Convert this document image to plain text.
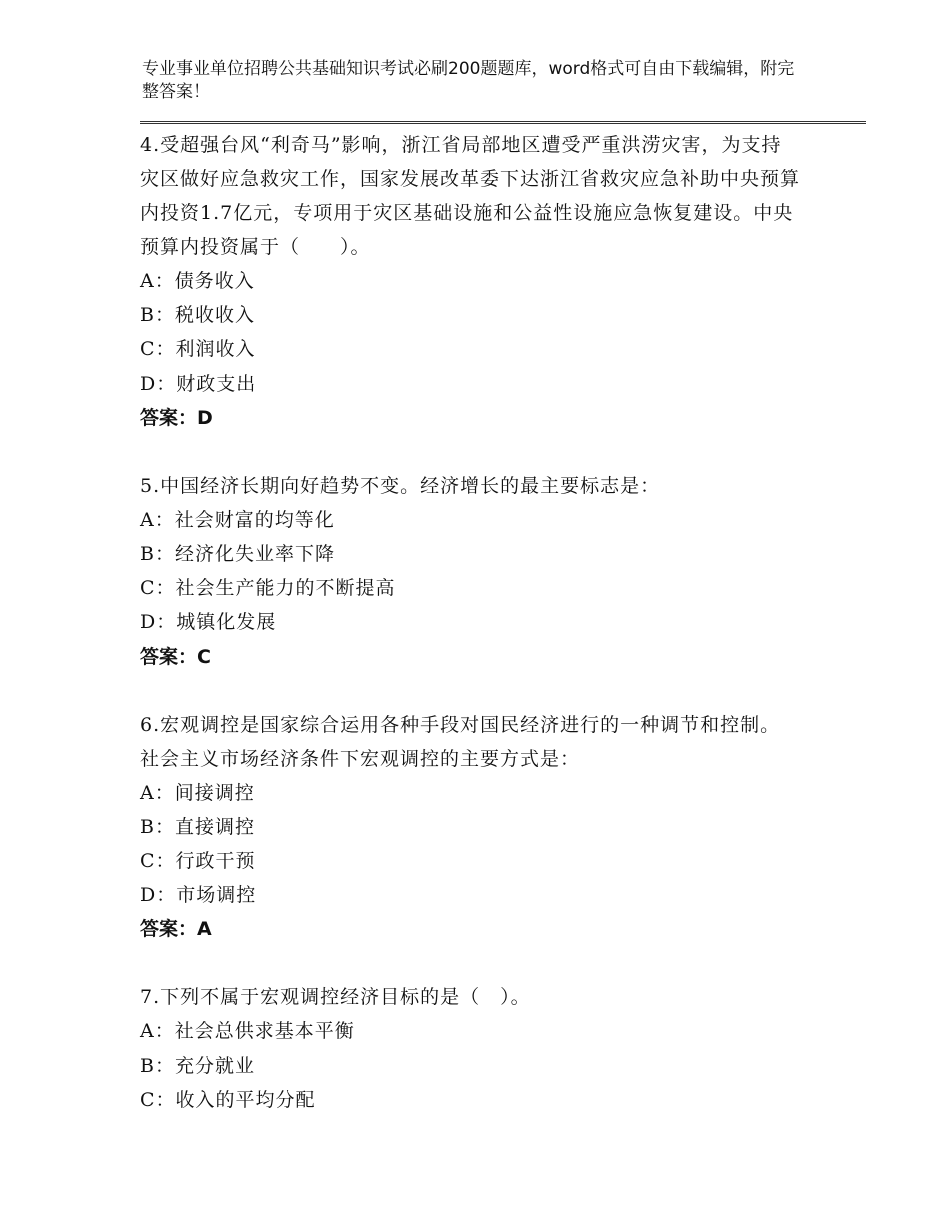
专业事业单位招聘公共基础知识考试必刷200题题库，word格式可自由下载编辑，附完整答案！

4.受超强台风“利奇马”影响，浙江省局部地区遭受严重洪涝灾害，为支持灾区做好应急救灾工作，国家发展改革委下达浙江省救灾应急补助中央预算内投资1.7亿元，专项用于灾区基础设施和公益性设施应急恢复建设。中央预算内投资属于（　　）。

A：债务收入

B：税收收入

C：利润收入

D：财政支出

答案：D

5.中国经济长期向好趋势不变。经济增长的最主要标志是：

A：社会财富的均等化

B：经济化失业率下降

C：社会生产能力的不断提高

D：城镇化发展

答案：C

6.宏观调控是国家综合运用各种手段对国民经济进行的一种调节和控制。社会主义市场经济条件下宏观调控的主要方式是：

A：间接调控

B：直接调控

C：行政干预

D：市场调控

答案：A

7.下列不属于宏观调控经济目标的是（　）。

A：社会总供求基本平衡

B：充分就业

C：收入的平均分配
